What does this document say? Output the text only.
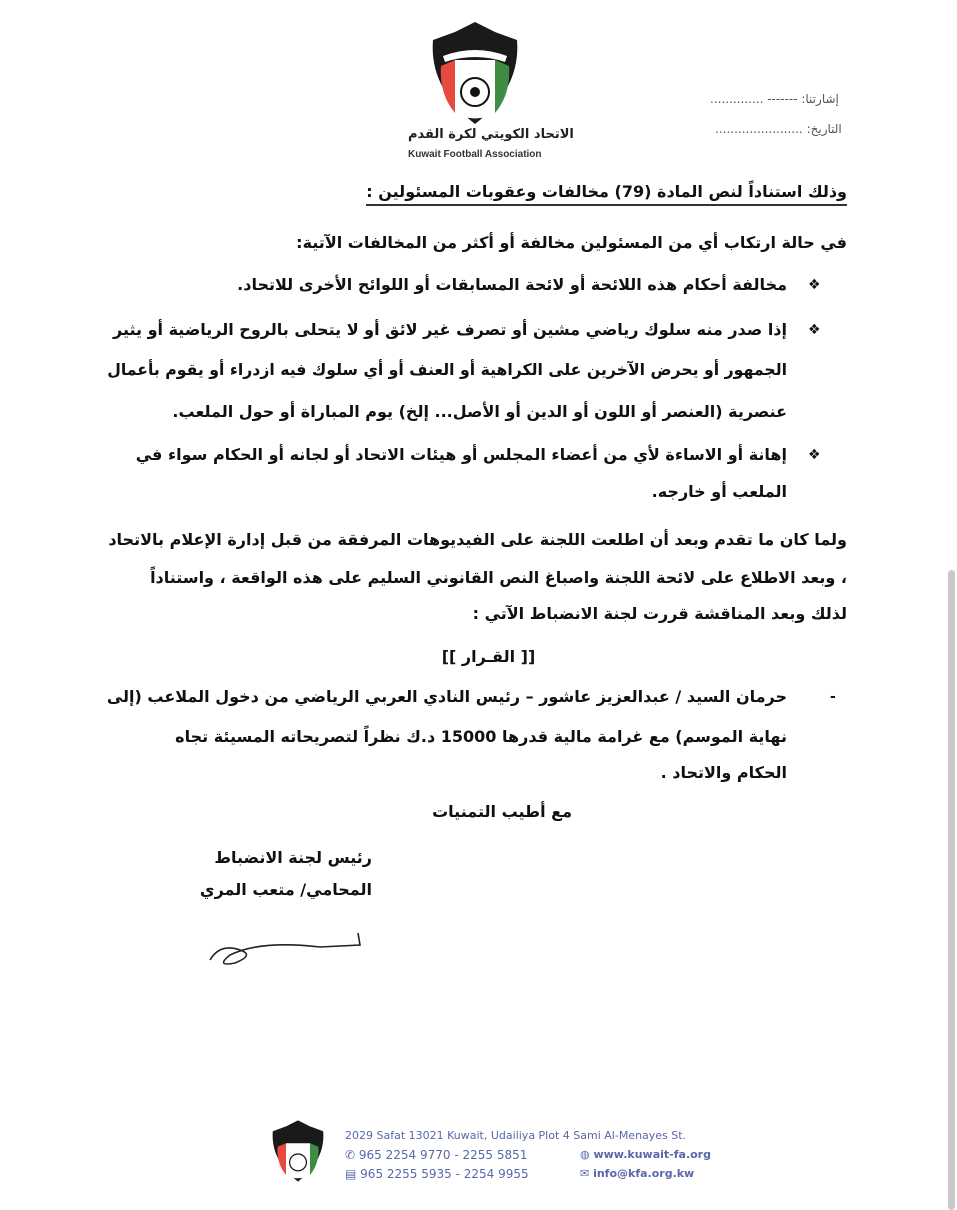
الاتحاد الكويتي لكرة القدم
Kuwait Football Association
إشارتنا: ------- ..............
التاريخ: .......................
وذلك استناداً لنص المادة (79) مخالفات وعقوبات المسئولين :
في حالة ارتكاب أي من المسئولين مخالفة أو أكثر من المخالفات الآتية:
❖
مخالفة أحكام هذه اللائحة أو لائحة المسابقات أو اللوائح الأخرى للاتحاد.
❖
إذا صدر منه سلوك رياضي مشين أو تصرف غير لائق أو لا يتحلى بالروح الرياضية أو يثير
الجمهور أو يحرض الآخرين على الكراهية أو العنف أو أي سلوك فيه ازدراء أو يقوم بأعمال
عنصرية (العنصر أو اللون أو الدين أو الأصل... إلخ) يوم المباراة أو حول الملعب.
❖
إهانة أو الاساءة لأي من أعضاء المجلس أو هيئات الاتحاد أو لجانه أو الحكام سواء في
الملعب أو خارجه.
ولما كان ما تقدم وبعد أن اطلعت اللجنة على الفيديوهات المرفقة من قبل إدارة الإعلام بالاتحاد
، وبعد الاطلاع على لائحة اللجنة واصباغ النص القانوني السليم على هذه الواقعة ، واستناداً
لذلك وبعد المناقشة قررت لجنة الانضباط الآتي :
[[ القـرار ]]
-
حرمان السيد / عبدالعزيز عاشور – رئيس النادي العربي الرياضي من دخول الملاعب (إلى
نهاية الموسم) مع غرامة مالية قدرها 15000 د.ك نظراً لتصريحاته المسيئة تجاه
الحكام والاتحاد .
مع أطيب التمنيات
رئيس لجنة الانضباط
المحامي/ متعب المري
2029 Safat 13021 Kuwait, Udailiya Plot 4 Sami Al-Menayes St.
✆ 965 2254 9770 - 2255 5851
▤ 965 2255 5935 - 2254 9955
◍ www.kuwait-fa.org
✉ info@kfa.org.kw
